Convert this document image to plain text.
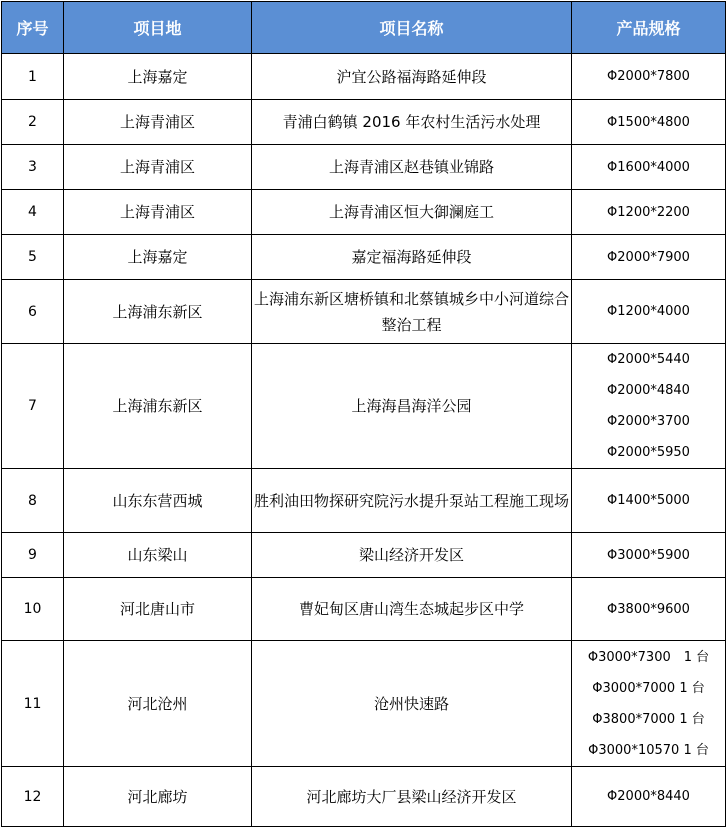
序号	项目地	项目名称	产品规格
1	上海嘉定	沪宜公路福海路延伸段	Φ2000*7800

2	上海青浦区	青浦白鹤镇 2016 年农村生活污水处理	Φ1500*4800

3	上海青浦区	上海青浦区赵巷镇业锦路	Φ1600*4000

4	上海青浦区	上海青浦区恒大御澜庭工	Φ1200*2200

5	上海嘉定	嘉定福海路延伸段	Φ2000*7900

6	上海浦东新区	上海浦东新区塘桥镇和北蔡镇城乡中小河道综合整治工程	Φ1200*4000

7	上海浦东新区	上海海昌海洋公园	Φ2000*5440
Φ2000*4840
Φ2000*3700
Φ2000*5950

8	山东东营西城	胜利油田物探研究院污水提升泵站工程施工现场	Φ1400*5000

9	山东梁山	梁山经济开发区	Φ3000*5900

10	河北唐山市	曹妃甸区唐山湾生态城起步区中学	Φ3800*9600

11	河北沧州	沧州快速路	Φ3000*7300　1 台
Φ3000*7000 1 台
Φ3800*7000 1 台
Φ3000*10570 1 台

12	河北廊坊	河北廊坊大厂县梁山经济开发区	Φ2000*8440
